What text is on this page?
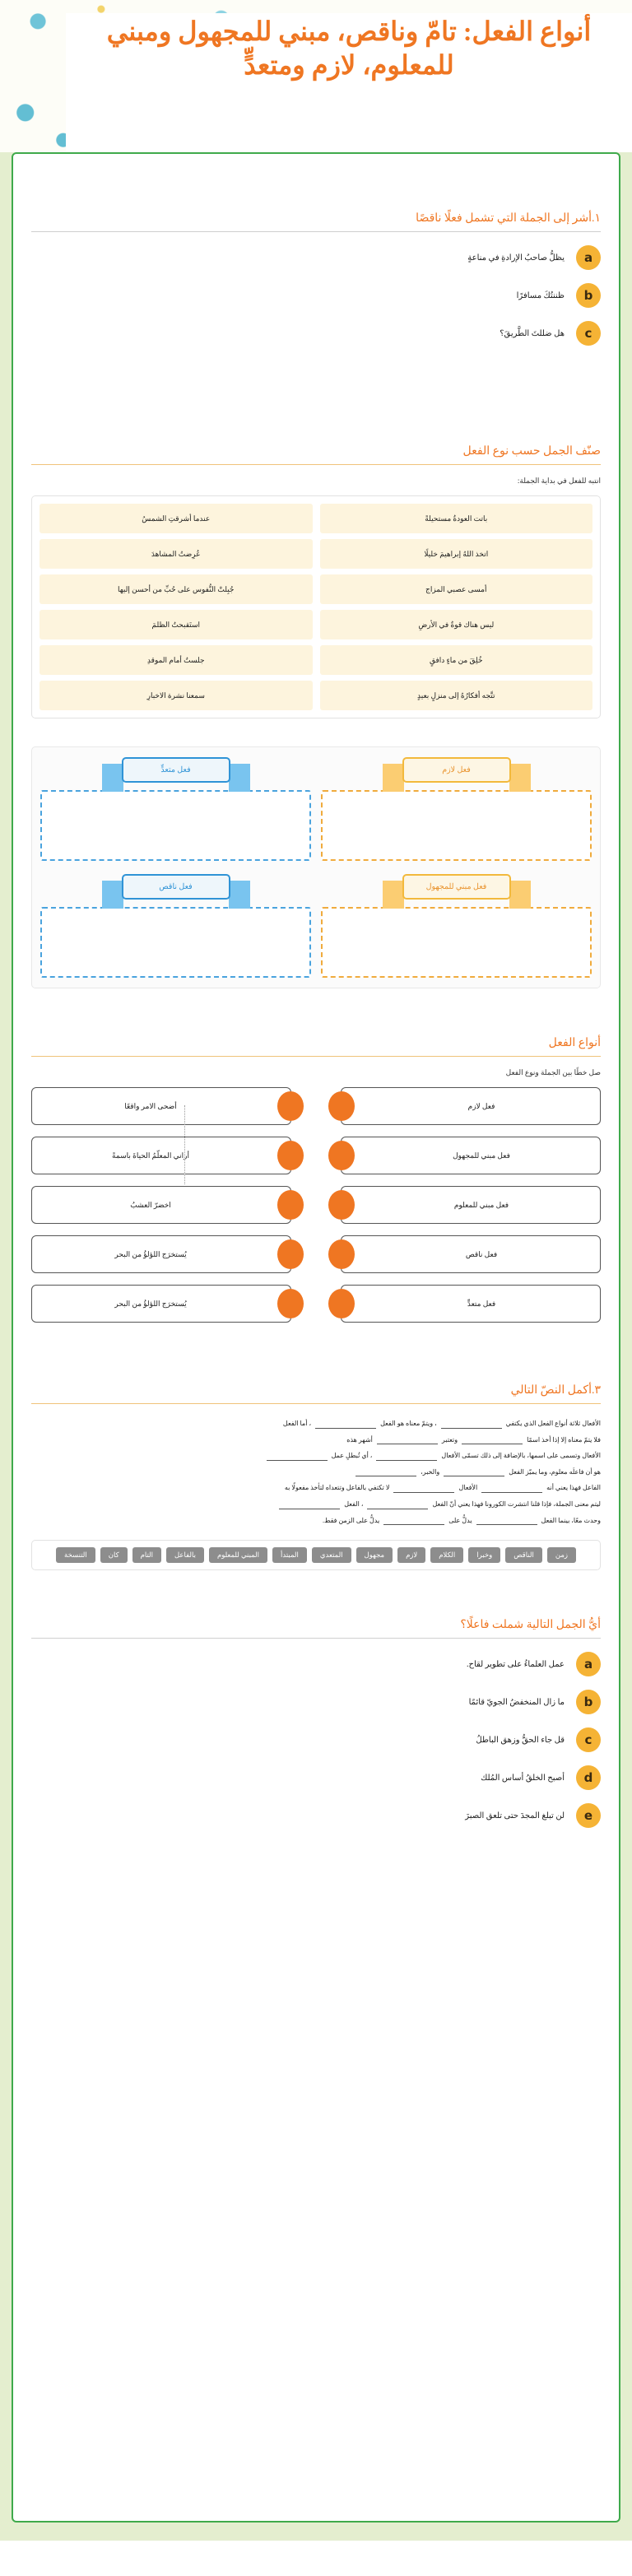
أنواع الفعل: تامّ وناقص، مبني للمجهول ومبني للمعلوم، لازم ومتعدٍّ
١.أشر إلى الجملة التي تشمل فعلًا ناقصًا
a
يظلُّ صاحبُ الإرادةِ في مناعةٍ
b
ظننتُكَ مسافرًا
c
هل ضللتَ الطَّريقَ؟
صنّف الجمل حسب نوع الفعل

انتبه للفعل في بداية الجملة:

باتت العودةُ مستحيلةً
عندما أشرقتِ الشمسُ
اتخذ اللهُ إبراهيمَ خليلًا
عُرِضتُ المشاهدَ
أمسى عصبي المزاج
جُبِلتْ النُّفوس على حُبِّ من أحسن إليها
ليس هناك قوةٌ في الأرضِ
استَقبحتُ الظلمَ
خُلِقَ من ماءٍ دافقٍ
جلستُ أمام الموقدِ
تتَّجه أفكارُهُ إلى منزلٍ بعيدٍ
سمعنا نشرة الاخبارِ
فعل لازم
فعل متعدٍّ
فعل مبني للمجهول
فعل ناقص
أنواع الفعل

صل خطًا بين الجملة ونوع الفعل

فعل لازم
فعل مبني للمجهول
فعل مبني للمعلوم
فعل ناقص
فعل متعدٍّ
أضحى الامر واقعًا
أراني المعلّمُ الحياةَ باسمةً
اخضرّ العشبُ
يُستخرَج اللؤلؤُ من البحر
يُستخرَج اللؤلؤُ من البحر
٣.أكمل النصّ التالي
الأفعال ثلاثة أنواع الفعل الذي يكتفي  ، ويتمّ معناه هو الفعل  ، أما الفعل
فلا يتمّ معناه إلا إذا أخذ اسمًا  وتعتبر  أشهر هذه
الأفعال وتسمى على اسمها، بالإضافة إلى ذلك تسمّى الأفعال  ، أي تُبطلِ عمل
هو أن فاعلَه معلوم، وما يميّز الفعل  والخبر،
الفاعل فهذا يعني أنه  الأفعال  لا تكتفي بالفاعل وتتعداه لتأخذ مفعولًا به
ليتم معنى الجملة، فإذا قلنا انتشرت الكورونا فهذا يعني أنّ الفعل  ، الفعل
وحدث معًا، بينما الفعل  يدلُّ على  يدلُّ على الزمن فقط.
زمن
الناقص
وخبرا
الكلام
لازم
مجهول
المتعدي
المبتدأ
المبني للمعلوم
بالفاعل
التام
كان
التنسخة
أيُّ الجمل التالية شملت فاعلًا؟
a
عمل العلماءُ على تطوير لقاح.
b
ما زال المنخفضُ الجويّ قائمًا
c
قل جاء الحقُّ وزهق الباطلُ
d
أصبح الخلقُ أساس المُلك
e
لن تبلغ المجدَ حتى تلعق الصبرَ
